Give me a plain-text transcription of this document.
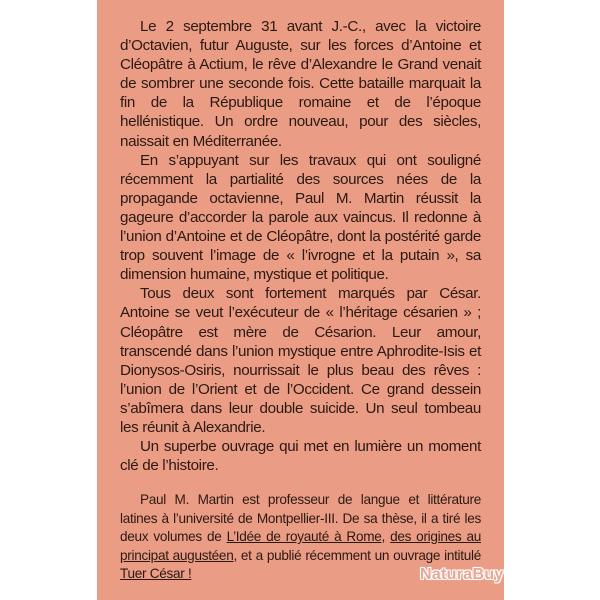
Le 2 septembre 31 avant J.-C., avec la victoire d’Octavien, futur Auguste, sur les forces d’Antoine et Cléopâtre à Actium, le rêve d’Alexandre le Grand venait de sombrer une seconde fois. Cette bataille marquait la fin de la République romaine et de l’époque hellénistique. Un ordre nouveau, pour des siècles, naissait en Méditerranée.

En s’appuyant sur les travaux qui ont souligné récemment la partialité des sources nées de la propagande octavienne, Paul M. Martin réussit la gageure d’accorder la parole aux vaincus. Il redonne à l’union d’Antoine et de Cléopâtre, dont la postérité garde trop souvent l’image de « l’ivrogne et la putain », sa dimension humaine, mystique et politique.

Tous deux sont fortement marqués par César. Antoine se veut l’exécuteur de « l’héritage césarien » ; Cléopâtre est mère de Césarion. Leur amour, transcendé dans l’union mystique entre Aphrodite-Isis et Dionysos-Osiris, nourrissait le plus beau des rêves : l’union de l’Orient et de l’Occident. Ce grand dessein s’abîmera dans leur double suicide. Un seul tombeau les réunit à Alexandrie.

Un superbe ouvrage qui met en lumière un moment clé de l’histoire.

Paul M. Martin est professeur de langue et littérature latines à l’université de Montpellier-III. De sa thèse, il a tiré les deux volumes de L’Idée de royauté à Rome, des origines au principat augustéen, et a publié récemment un ouvrage intitulé Tuer César !	NaturaBuy
